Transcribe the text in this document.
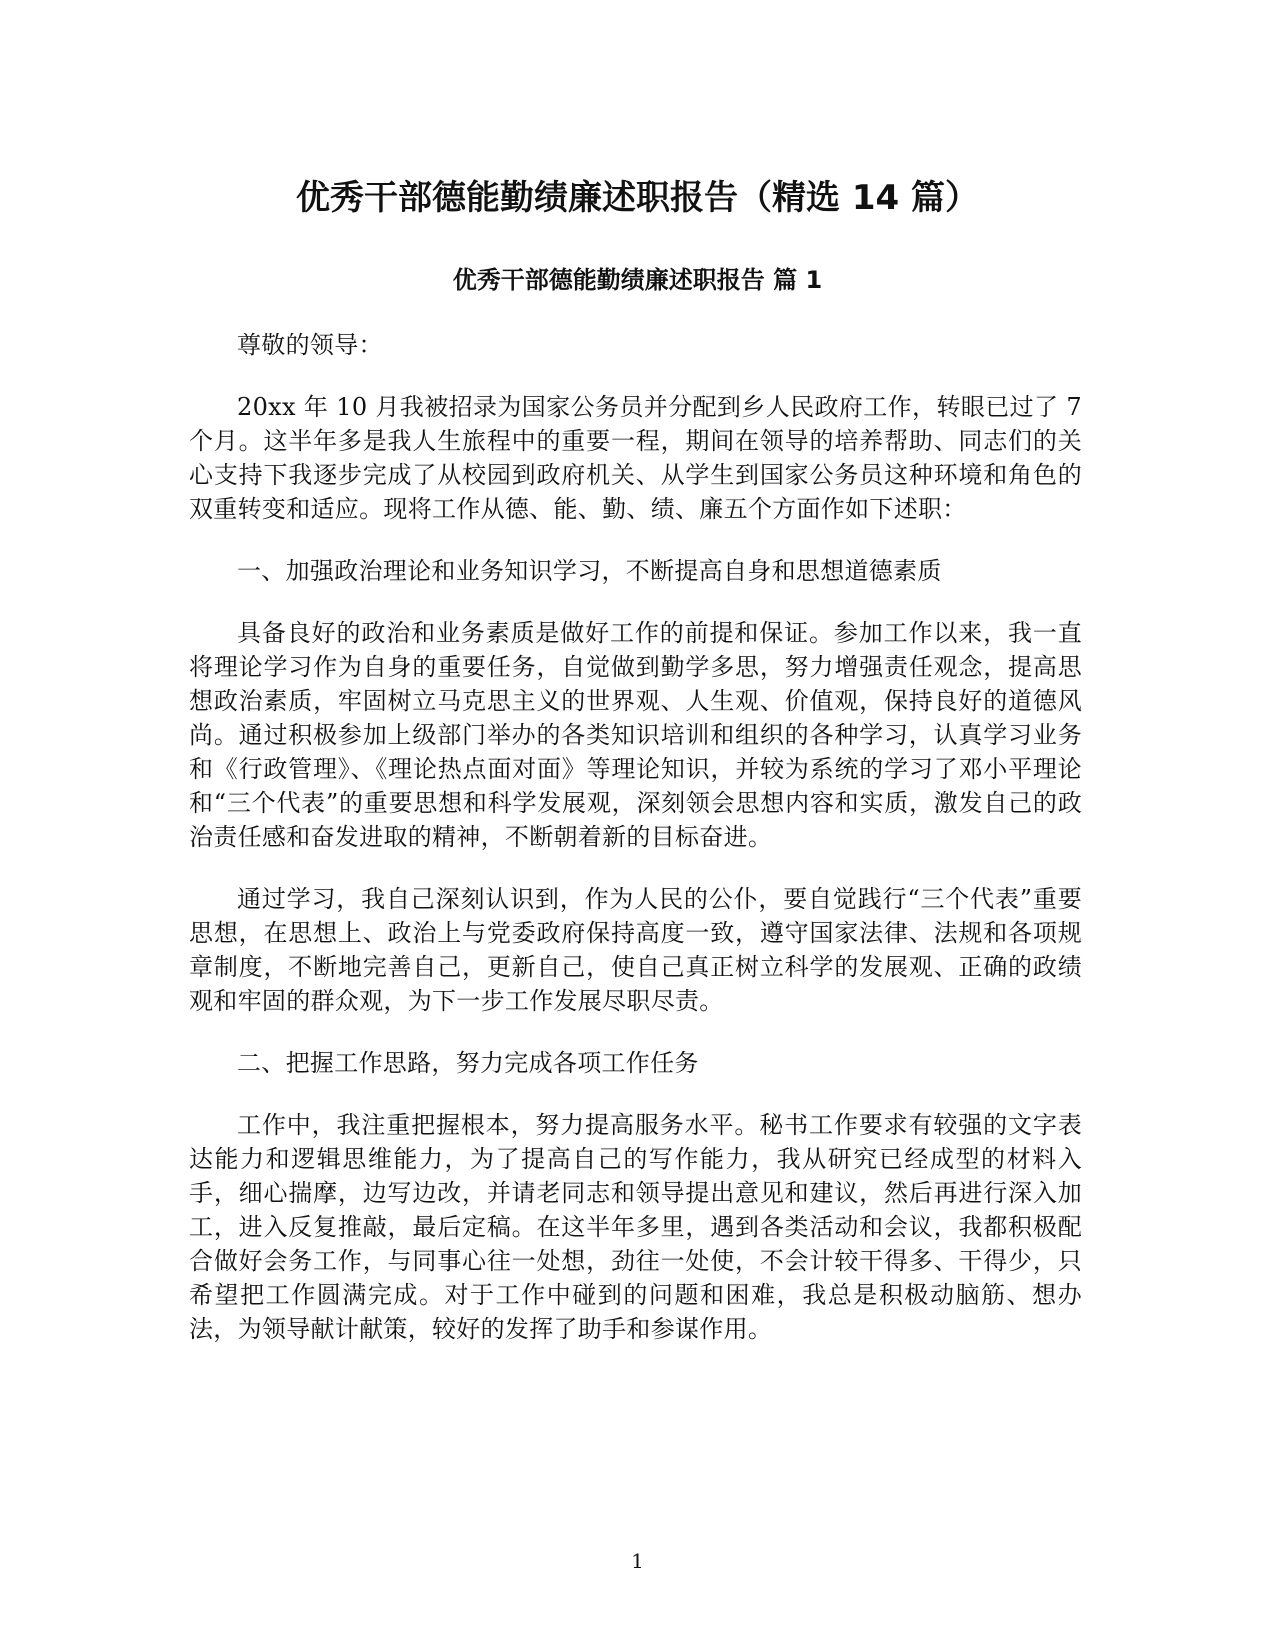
优秀干部德能勤绩廉述职报告（精选 14 篇）
优秀干部德能勤绩廉述职报告 篇 1

尊敬的领导：

20xx 年 10 月我被招录为国家公务员并分配到乡人民政府工作，转眼已过了 7 个月。这半年多是我人生旅程中的重要一程，期间在领导的培养帮助、同志们的关心支持下我逐步完成了从校园到政府机关、从学生到国家公务员这种环境和角色的双重转变和适应。现将工作从德、能、勤、绩、廉五个方面作如下述职：

一、加强政治理论和业务知识学习，不断提高自身和思想道德素质

具备良好的政治和业务素质是做好工作的前提和保证。参加工作以来，我一直将理论学习作为自身的重要任务，自觉做到勤学多思，努力增强责任观念，提高思想政治素质，牢固树立马克思主义的世界观、人生观、价值观，保持良好的道德风尚。通过积极参加上级部门举办的各类知识培训和组织的各种学习，认真学习业务和《行政管理》、《理论热点面对面》等理论知识，并较为系统的学习了邓小平理论和“三个代表”的重要思想和科学发展观，深刻领会思想内容和实质，激发自己的政治责任感和奋发进取的精神，不断朝着新的目标奋进。

通过学习，我自己深刻认识到，作为人民的公仆，要自觉践行“三个代表”重要思想，在思想上、政治上与党委政府保持高度一致，遵守国家法律、法规和各项规章制度，不断地完善自己，更新自己，使自己真正树立科学的发展观、正确的政绩观和牢固的群众观，为下一步工作发展尽职尽责。

二、把握工作思路，努力完成各项工作任务

工作中，我注重把握根本，努力提高服务水平。秘书工作要求有较强的文字表达能力和逻辑思维能力，为了提高自己的写作能力，我从研究已经成型的材料入手，细心揣摩，边写边改，并请老同志和领导提出意见和建议，然后再进行深入加工，进入反复推敲，最后定稿。在这半年多里，遇到各类活动和会议，我都积极配合做好会务工作，与同事心往一处想，劲往一处使，不会计较干得多、干得少，只希望把工作圆满完成。对于工作中碰到的问题和困难，我总是积极动脑筋、想办法，为领导献计献策，较好的发挥了助手和参谋作用。

1
